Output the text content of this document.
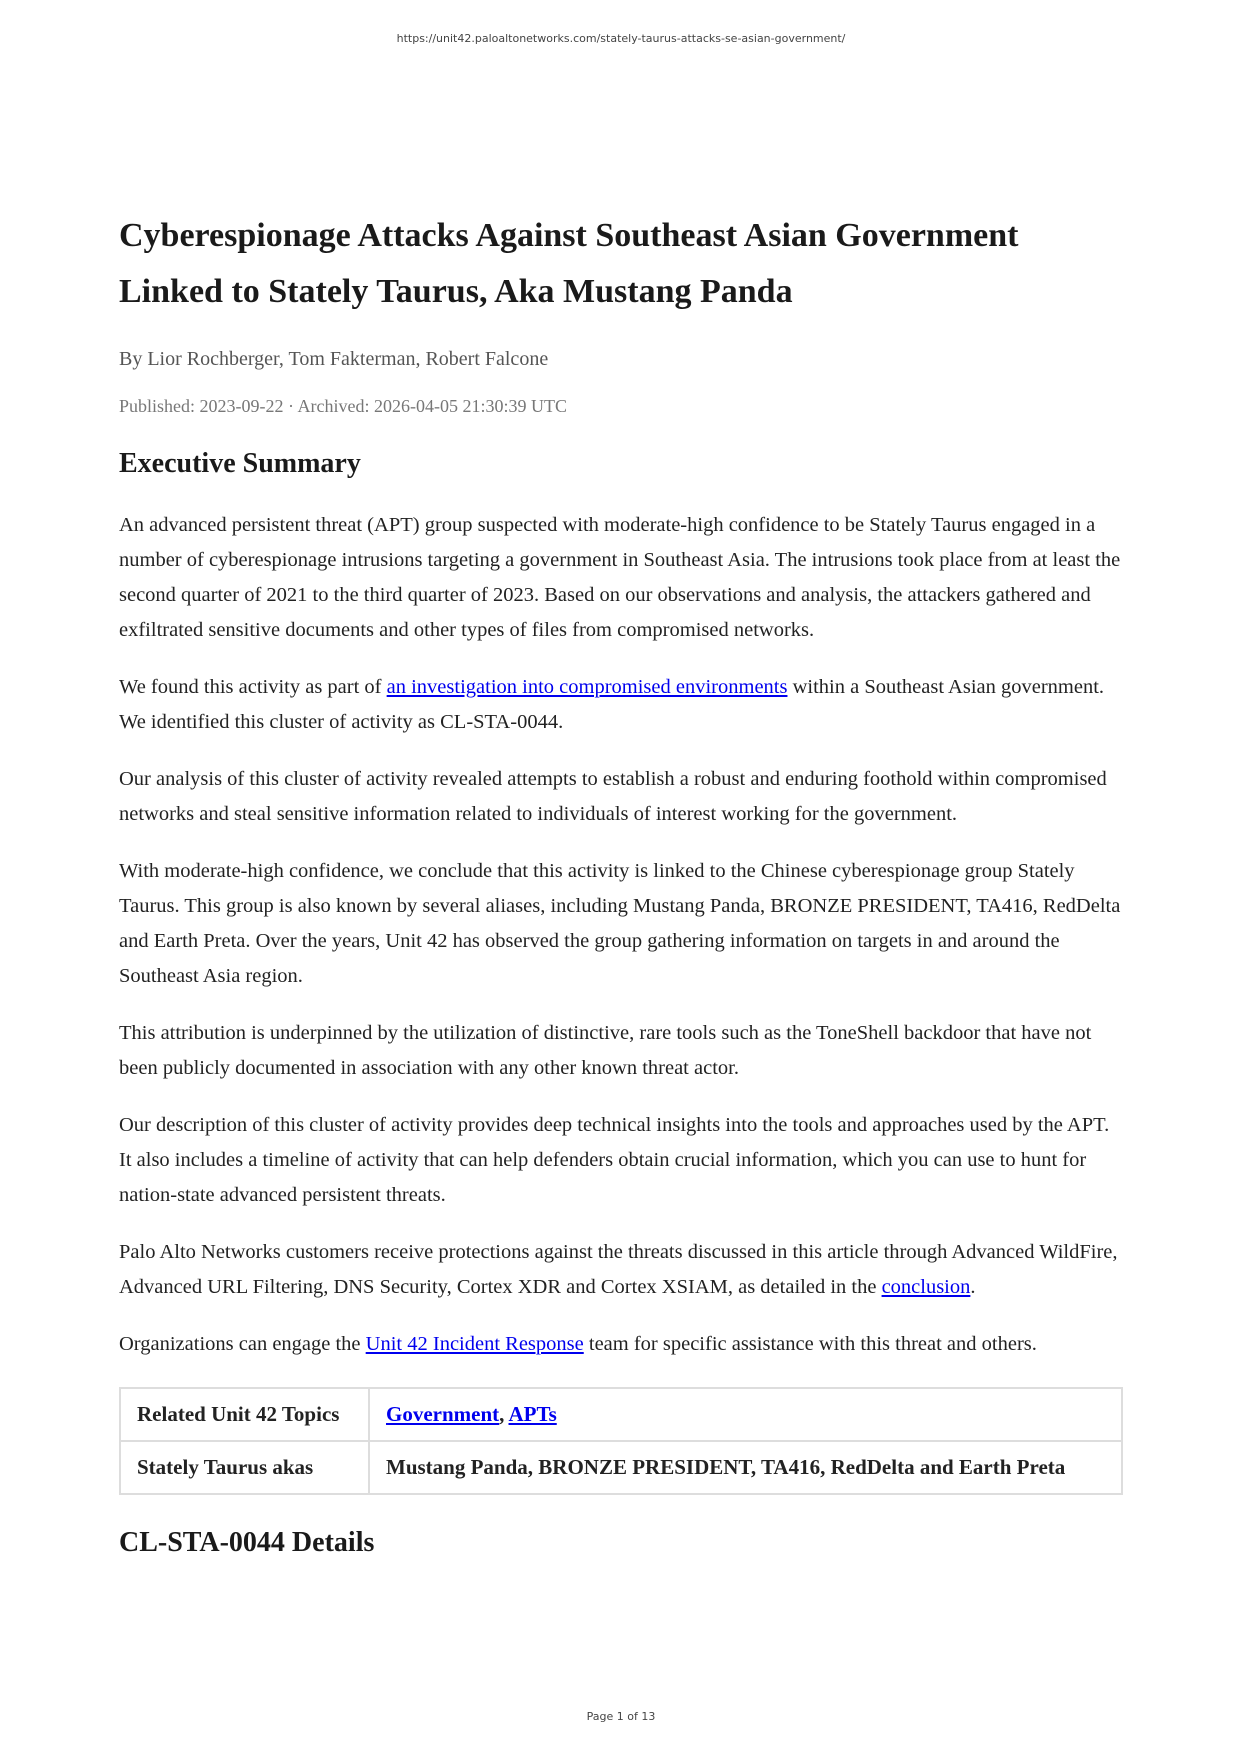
https://unit42.paloaltonetworks.com/stately-taurus-attacks-se-asian-government/
Cyberespionage Attacks Against Southeast Asian Government Linked to Stately Taurus, Aka Mustang Panda
By Lior Rochberger, Tom Fakterman, Robert Falcone
Published: 2023-09-22 · Archived: 2026-04-05 21:30:39 UTC
Executive Summary

An advanced persistent threat (APT) group suspected with moderate-high confidence to be Stately Taurus engaged in a number of cyberespionage intrusions targeting a government in Southeast Asia. The intrusions took place from at least the second quarter of 2021 to the third quarter of 2023. Based on our observations and analysis, the attackers gathered and exfiltrated sensitive documents and other types of files from compromised networks.

We found this activity as part of an investigation into compromised environments within a Southeast Asian government. We identified this cluster of activity as CL-STA-0044.

Our analysis of this cluster of activity revealed attempts to establish a robust and enduring foothold within compromised networks and steal sensitive information related to individuals of interest working for the government.

With moderate-high confidence, we conclude that this activity is linked to the Chinese cyberespionage group Stately Taurus. This group is also known by several aliases, including Mustang Panda, BRONZE PRESIDENT, TA416, RedDelta and Earth Preta. Over the years, Unit 42 has observed the group gathering information on targets in and around the Southeast Asia region.

This attribution is underpinned by the utilization of distinctive, rare tools such as the ToneShell backdoor that have not been publicly documented in association with any other known threat actor.

Our description of this cluster of activity provides deep technical insights into the tools and approaches used by the APT. It also includes a timeline of activity that can help defenders obtain crucial information, which you can use to hunt for nation-state advanced persistent threats.

Palo Alto Networks customers receive protections against the threats discussed in this article through Advanced WildFire, Advanced URL Filtering, DNS Security, Cortex XDR and Cortex XSIAM, as detailed in the conclusion.

Organizations can engage the Unit 42 Incident Response team for specific assistance with this threat and others.

Related Unit 42 Topics	Government, APTs
Stately Taurus akas	Mustang Panda, BRONZE PRESIDENT, TA416, RedDelta and Earth Preta
CL-STA-0044 Details
Page 1 of 13
